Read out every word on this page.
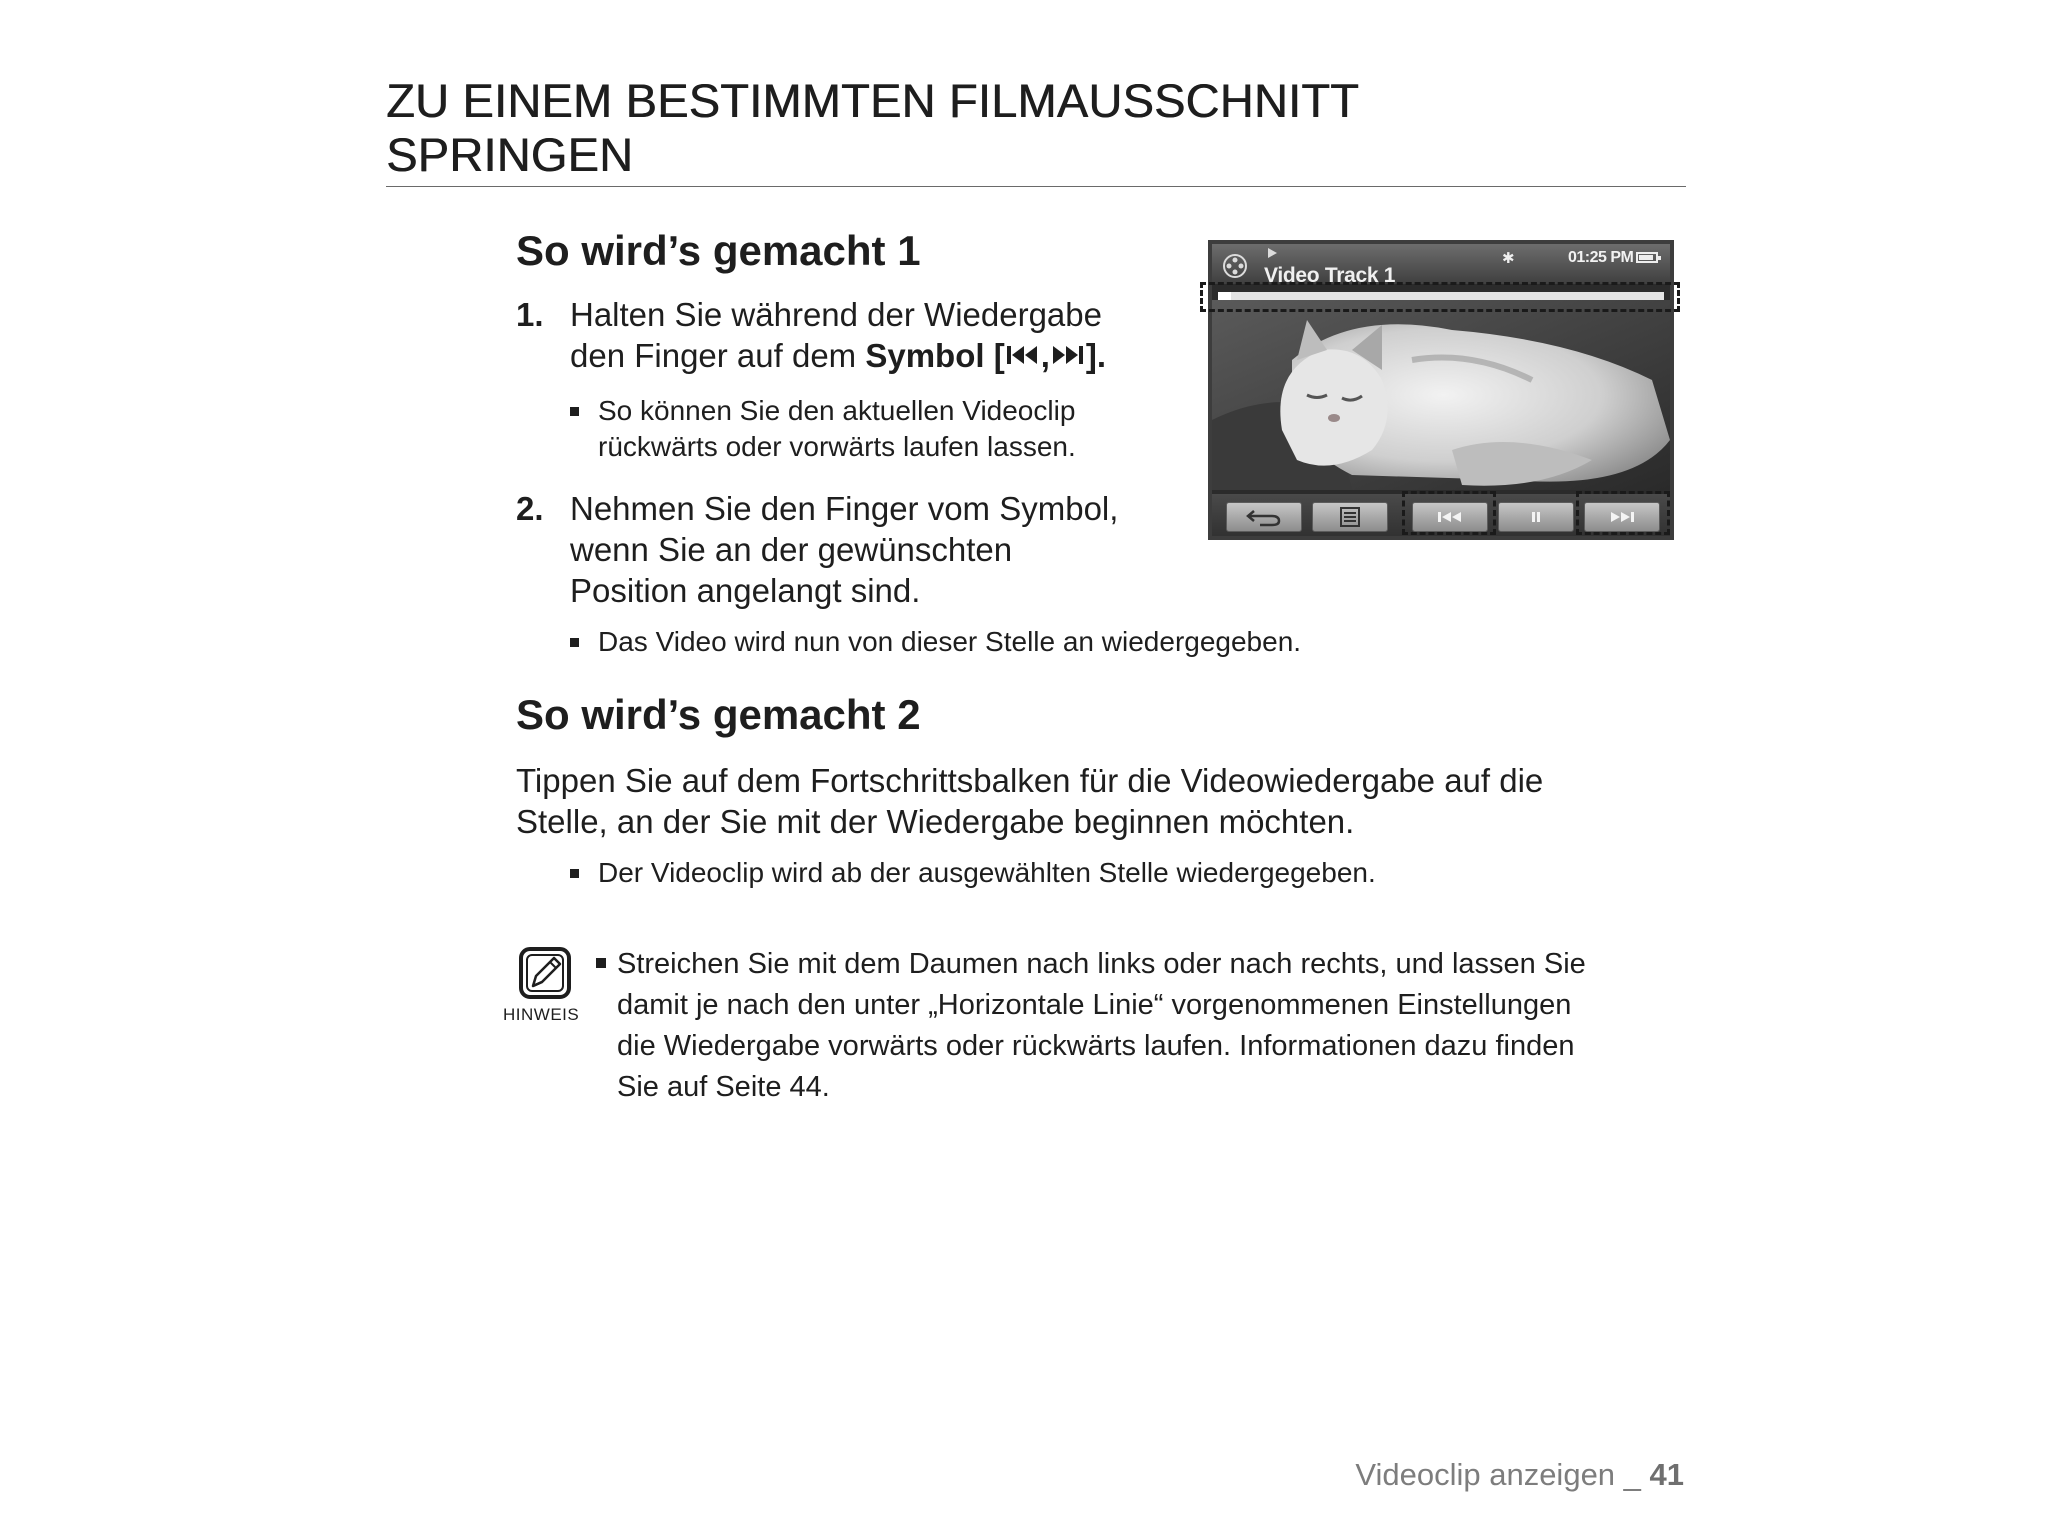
ZU EINEM BESTIMMTEN FILMAUSSCHNITT
SPRINGEN
So wird’s gemacht 1
1. Halten Sie während der Wiedergabe
den Finger auf dem Symbol [ , ].
So können Sie den aktuellen Videoclip
rückwärts oder vorwärts laufen lassen.
2. Nehmen Sie den Finger vom Symbol,
wenn Sie an der gewünschten
Position angelangt sind.
Das Video wird nun von dieser Stelle an wiedergegeben.
So wird’s gemacht 2
Tippen Sie auf dem Fortschrittsbalken für die Videowiedergabe auf die
Stelle, an der Sie mit der Wiedergabe beginnen möchten.
Der Videoclip wird ab der ausgewählten Stelle wiedergegeben.
HINWEIS
Streichen Sie mit dem Daumen nach links oder nach rechts, und lassen Sie
damit je nach den unter „Horizontale Linie“ vorgenommenen Einstellungen
die Wiedergabe vorwärts oder rückwärts laufen. Informationen dazu finden
Sie auf Seite 44.
Video Track 1
✱	01:25 PM
Videoclip anzeigen _ 41
